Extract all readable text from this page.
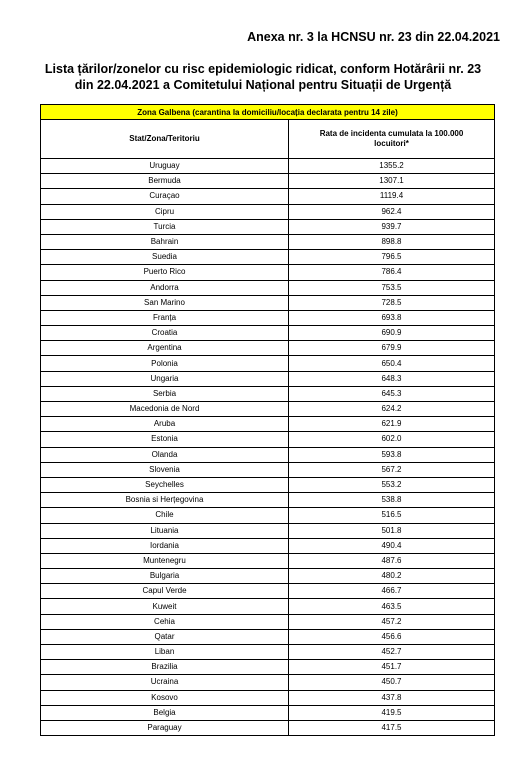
Anexa nr. 3 la HCNSU nr. 23 din 22.04.2021
Lista țărilor/zonelor cu risc epidemiologic ridicat, conform Hotărârii nr. 23
din 22.04.2021 a Comitetului Național pentru Situații de Urgență
Zona Galbena (carantina la domiciliu/locația declarata pentru 14 zile)	
Stat/Zona/Teritoriu	Rata de incidenta cumulata la 100.000 locuitori*
Uruguay	1355.2
Bermuda	1307.1
Curaçao	1119.4
Cipru	962.4
Turcia	939.7
Bahrain	898.8
Suedia	796.5
Puerto Rico	786.4
Andorra	753.5
San Marino	728.5
Franța	693.8
Croatia	690.9
Argentina	679.9
Polonia	650.4
Ungaria	648.3
Serbia	645.3
Macedonia de Nord	624.2
Aruba	621.9
Estonia	602.0
Olanda	593.8
Slovenia	567.2
Seychelles	553.2
Bosnia si Herțegovina	538.8
Chile	516.5
Lituania	501.8
Iordania	490.4
Muntenegru	487.6
Bulgaria	480.2
Capul Verde	466.7
Kuweit	463.5
Cehia	457.2
Qatar	456.6
Liban	452.7
Brazilia	451.7
Ucraina	450.7
Kosovo	437.8
Belgia	419.5
Paraguay	417.5
